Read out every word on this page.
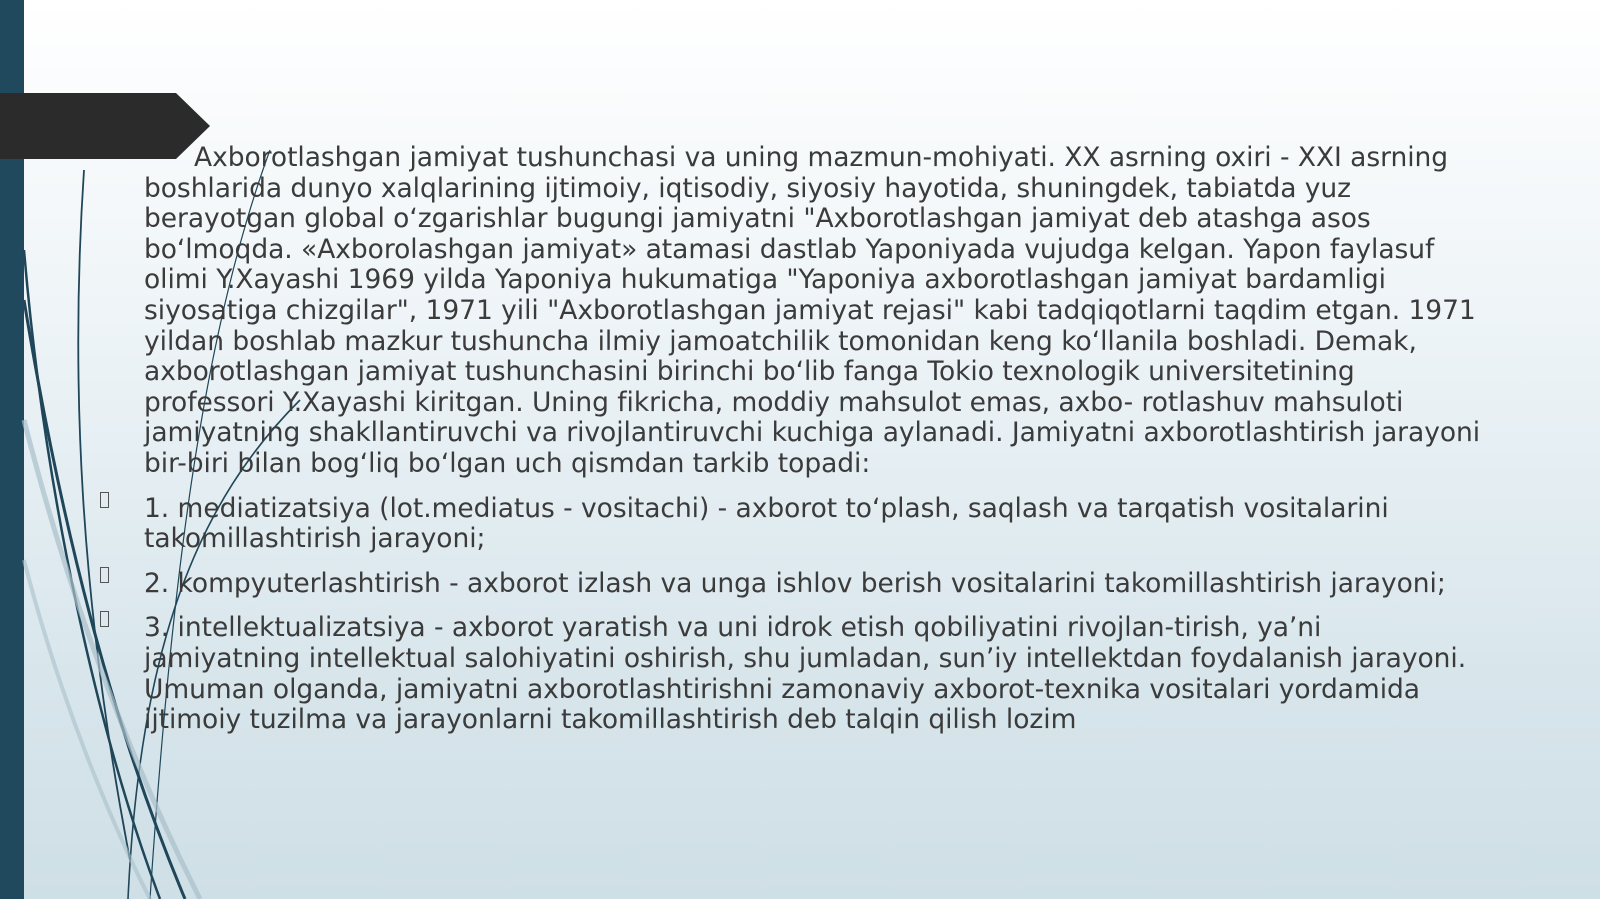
Axborotlashgan jamiyat tushunchasi va uning mazmun-mohiyati. XX asrning oxiri - XXI asrning boshlarida dunyo xalqlarining ijtimoiy, iqtisodiy, siyosiy hayotida, shuningdek, tabiatda yuz berayotgan global oʻzgarishlar bugungi jamiyatni "Axborotlashgan jamiyat deb atashga asos boʻlmoqda. «Axborolashgan jamiyat» atamasi dastlab Yaponiyada vujudga kelgan. Yapon faylasuf olimi Y.Xayashi 1969 yilda Yaponiya hukumatiga "Yaponiya axborotlashgan jamiyat bardamligi siyosatiga chizgilar", 1971 yili "Axborotlashgan jamiyat rejasi" kabi tadqiqotlarni taqdim etgan. 1971 yildan boshlab mazkur tushuncha ilmiy jamoatchilik tomonidan keng koʻllanila boshladi. Demak, axborotlashgan jamiyat tushunchasini birinchi boʻlib fanga Tokio texnologik universitetining professori Y.Xayashi kiritgan. Uning fikricha, moddiy mahsulot emas, axbo- rotlashuv mahsuloti jamiyatning shakllantiruvchi va rivojlantiruvchi kuchiga aylanadi. Jamiyatni axborotlashtirish jarayoni bir-biri bilan bogʻliq boʻlgan uch qismdan tarkib topadi:

1. mediatizatsiya (lot.mediatus - vositachi) - axborot toʻplash, saqlash va tarqatish vositalarini takomillashtirish jarayoni;

2. kompyuterlashtirish - axborot izlash va unga ishlov berish vositalarini takomillashtirish jarayoni;

3. intellektualizatsiya - axborot yaratish va uni idrok etish qobiliyatini rivojlan-tirish, yaʼni jamiyatning intellektual salohiyatini oshirish, shu jumladan, sunʼiy intellektdan foydalanish jarayoni. Umuman olganda, jamiyatni axborotlashtirishni zamonaviy axborot-texnika vositalari yordamida ijtimoiy tuzilma va jarayonlarni takomillashtirish deb talqin qilish lozim
